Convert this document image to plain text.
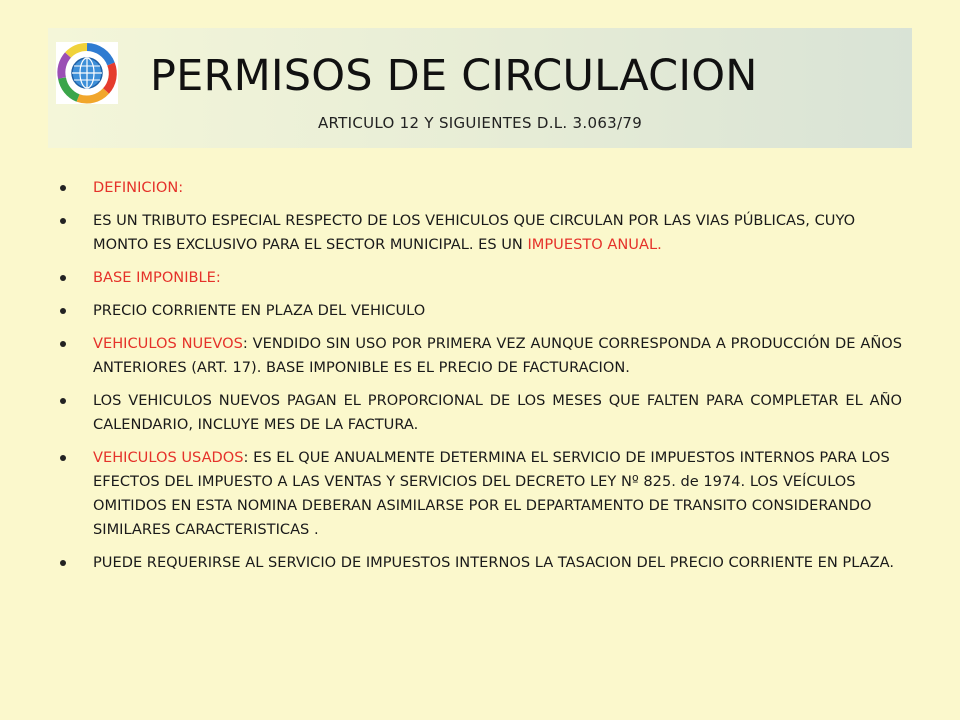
PERMISOS DE CIRCULACION
ARTICULO 12 Y SIGUIENTES D.L. 3.063/79
DEFINICION:
ES UN TRIBUTO ESPECIAL RESPECTO DE LOS VEHICULOS QUE CIRCULAN POR LAS VIAS PÚBLICAS, CUYO MONTO ES EXCLUSIVO PARA EL SECTOR MUNICIPAL. ES UN IMPUESTO ANUAL.
BASE IMPONIBLE:
PRECIO CORRIENTE EN PLAZA DEL VEHICULO
VEHICULOS NUEVOS: VENDIDO SIN USO POR PRIMERA VEZ AUNQUE CORRESPONDA A PRODUCCIÓN DE AÑOS ANTERIORES (ART. 17). BASE IMPONIBLE ES EL PRECIO DE FACTURACION.
LOS VEHICULOS NUEVOS PAGAN EL PROPORCIONAL DE LOS MESES QUE FALTEN PARA COMPLETAR EL AÑO CALENDARIO, INCLUYE MES DE LA FACTURA.
VEHICULOS USADOS: ES EL QUE ANUALMENTE DETERMINA EL SERVICIO DE IMPUESTOS INTERNOS PARA LOS EFECTOS DEL IMPUESTO A LAS VENTAS Y SERVICIOS DEL DECRETO LEY Nº 825. de 1974. LOS VEÍCULOS OMITIDOS EN ESTA NOMINA DEBERAN ASIMILARSE POR EL DEPARTAMENTO DE TRANSITO CONSIDERANDO SIMILARES CARACTERISTICAS .
PUEDE REQUERIRSE AL SERVICIO DE IMPUESTOS INTERNOS LA TASACION DEL PRECIO CORRIENTE EN PLAZA.
